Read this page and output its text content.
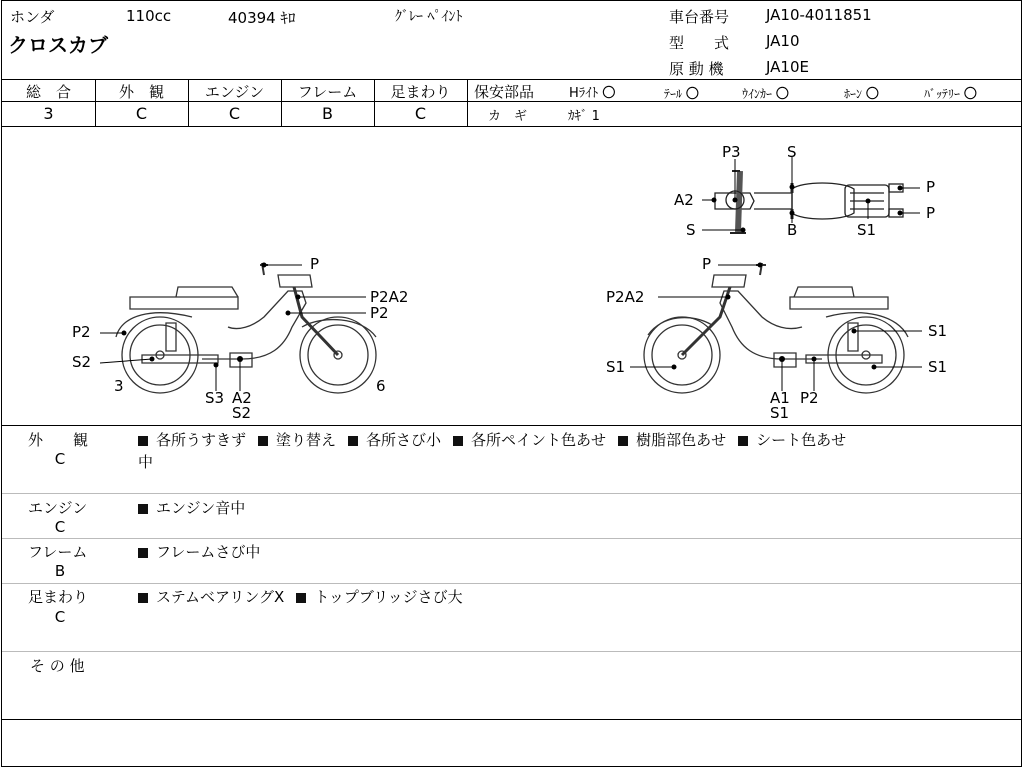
ホンダ	110cc	40394 ｷﾛ	ｸﾞﾚｰ ﾍﾟｲﾝﾄ
クロスカブ
車台番号 JA10-4011851
型　　式 JA10
原 動 機	JA10E
総　合
3
外　観
C
エンジン
C
フレーム
B
足まわり
C
保安部品	Hﾗｲﾄ 〇	ﾃｰﾙ 〇	ｳｲﾝｶｰ 〇	ﾎｰﾝ 〇	ﾊﾞｯﾃﾘｰ 〇
カ　ギ	ｶｷﾞ 1
P3	S
A2
S	B	S1
P
P
P
P2A2
P2
P2
S2
3
S3 A2
S2
6
P
P2A2
S1
S1
S1
A1 P2
S1
外　　観
C
各所うすきず 塗り替え 各所さび小 各所ペイント色あせ 樹脂部色あせ シート色あせ
中
エンジン
C
エンジン音中
フレーム
B
フレームさび中
足まわり
C
ステムベアリングX トップブリッジさび大
そ の 他
